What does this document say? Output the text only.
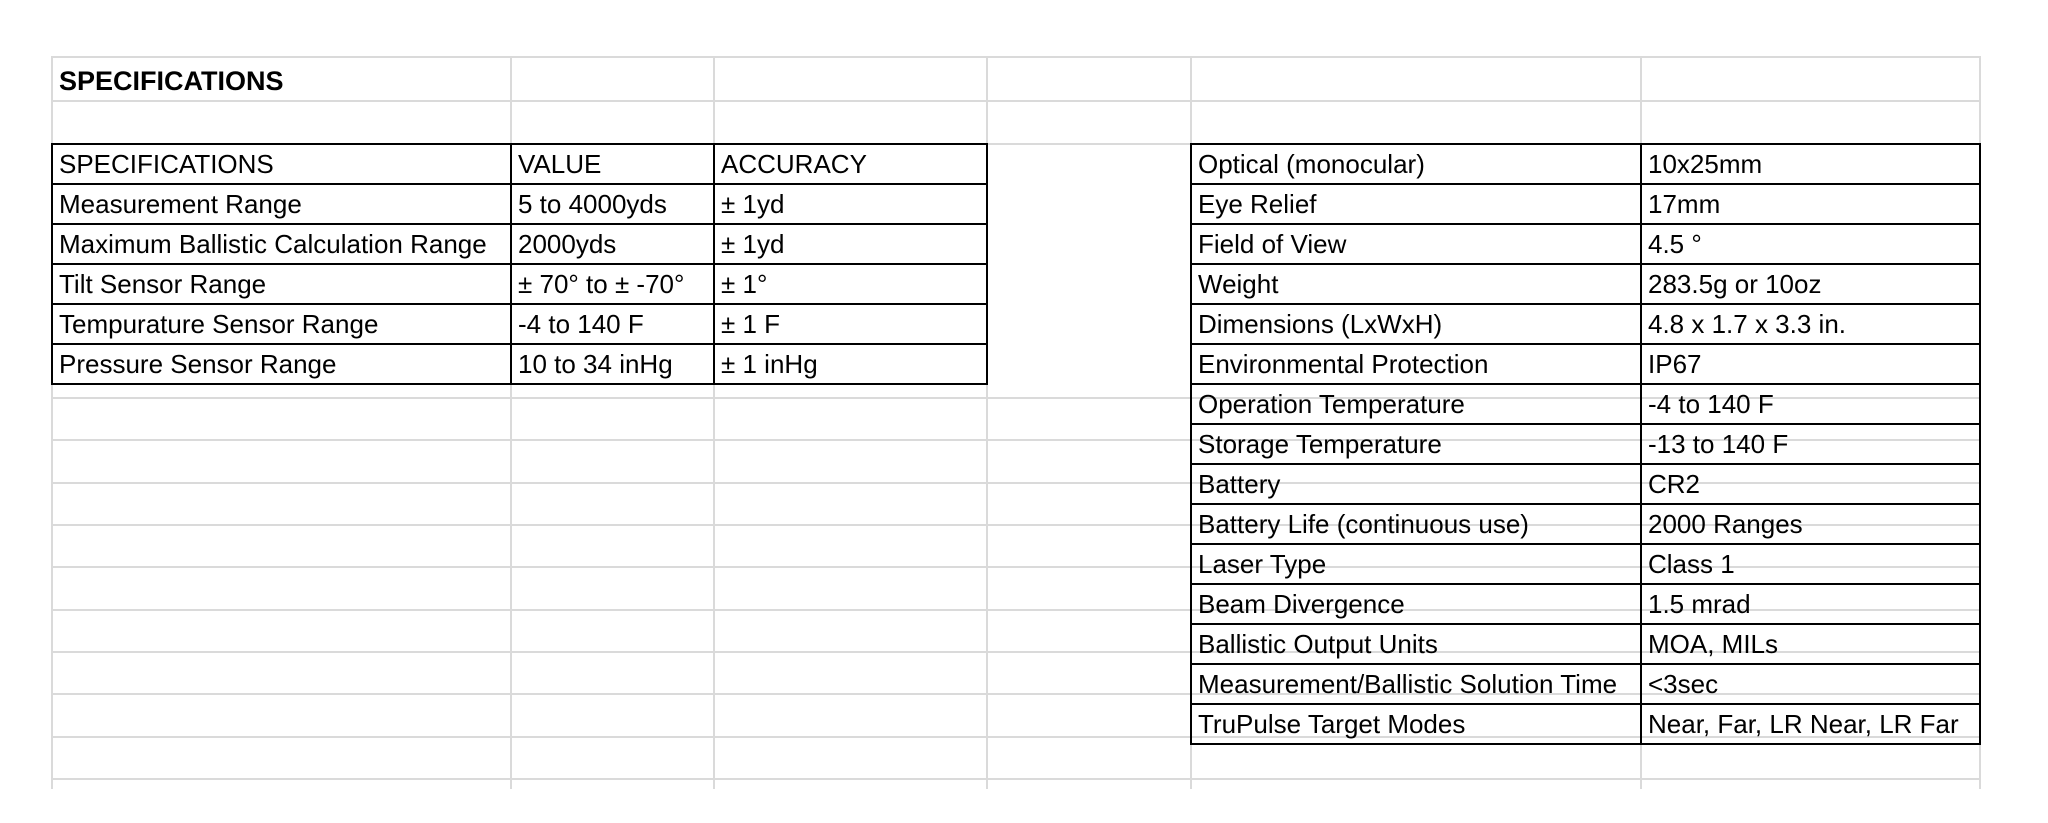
SPECIFICATIONS
SPECIFICATIONS	VALUE	ACCURACY
Measurement Range	5 to 4000yds	± 1yd
Maximum Ballistic Calculation Range	2000yds	± 1yd
Tilt Sensor Range	± 70° to ± -70°	± 1°
Tempurature Sensor Range	-4 to 140 F	± 1 F
Pressure Sensor Range	10 to 34 inHg	± 1 inHg
Optical (monocular)	10x25mm
Eye Relief	17mm
Field of View	4.5 °
Weight	283.5g or 10oz
Dimensions (LxWxH)	4.8 x 1.7 x 3.3 in.
Environmental Protection	IP67
Operation Temperature	-4 to 140 F
Storage Temperature	-13 to 140 F
Battery	CR2
Battery Life (continuous use)	2000 Ranges
Laser Type	Class 1
Beam Divergence	1.5 mrad
Ballistic Output Units	MOA, MILs
Measurement/Ballistic Solution Time	<3sec
TruPulse Target Modes	Near, Far, LR Near, LR Far
